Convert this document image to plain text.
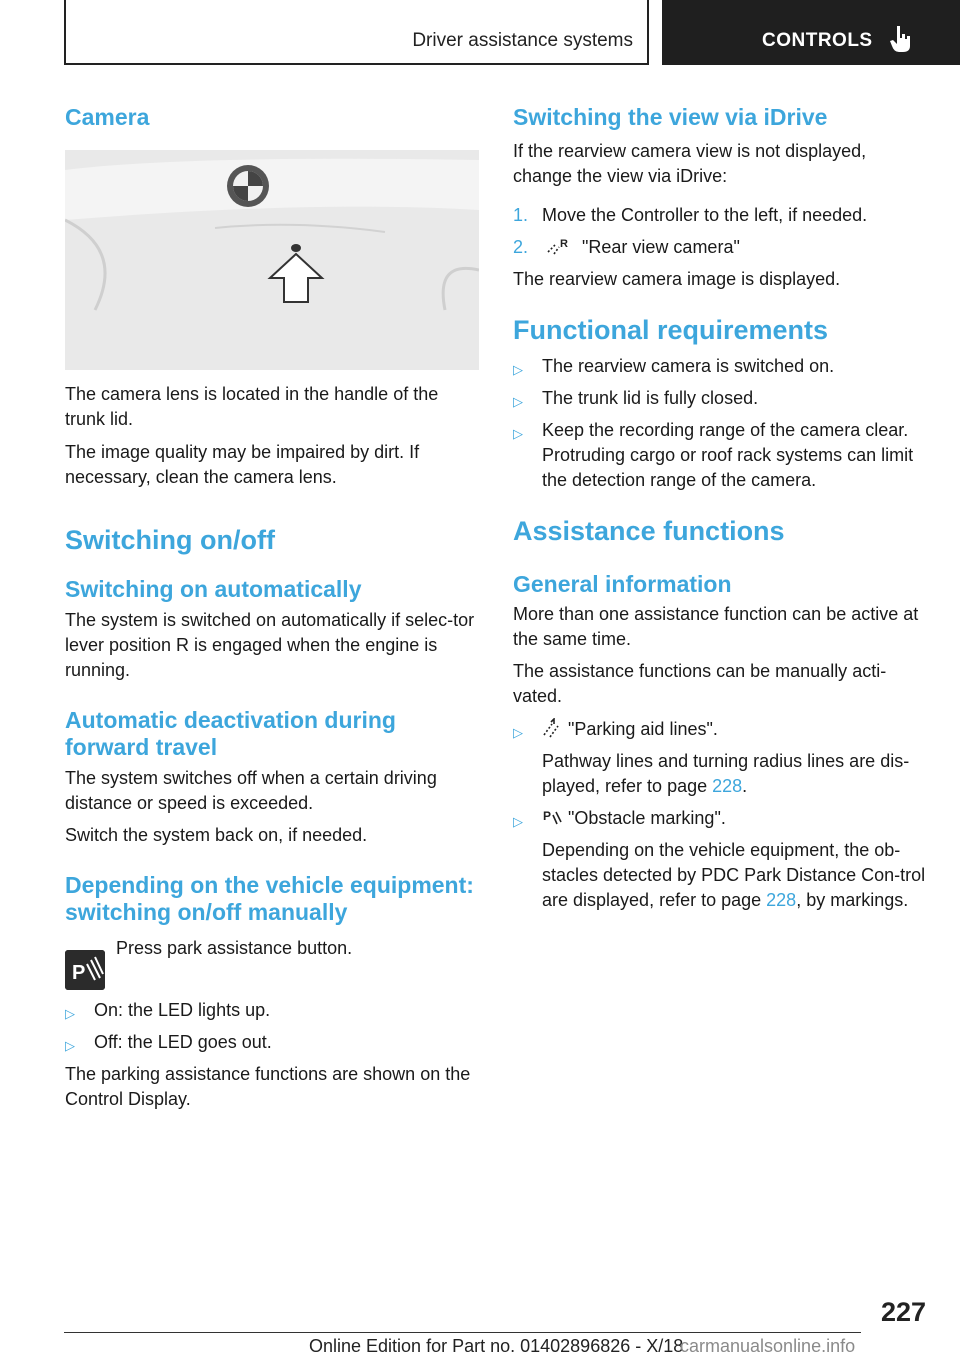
Driver assistance systems	CONTROLS
Camera

The camera lens is located in the handle of the trunk lid.

The image quality may be impaired by dirt. If necessary, clean the camera lens.

Switching on/off
Switching on automatically

The system is switched on automatically if selec-tor lever position R is engaged when the engine is running.

Automatic deactivation during forward travel

The system switches off when a certain driving distance or speed is exceeded.

Switch the system back on, if needed.

Depending on the vehicle equipment: switching on/off manually
P

Press park assistance button.

▷ On: the LED lights up.
▷ Off: the LED goes out.

The parking assistance functions are shown on the Control Display.

Switching the view via iDrive

If the rearview camera view is not displayed, change the view via iDrive:

1. Move the Controller to the left, if needed.
2.	R "Rear view camera"

The rearview camera image is displayed.

Functional requirements
▷ The rearview camera is switched on.
▷ The trunk lid is fully closed.
▷ Keep the recording range of the camera clear. Protruding cargo or roof rack systems can limit the detection range of the camera.
Assistance functions
General information

More than one assistance function can be active at the same time.

The assistance functions can be manually acti-vated.

▷	"Parking aid lines".
Pathway lines and turning radius lines are dis-played, refer to page 228.
▷ P "Obstacle marking".
Depending on the vehicle equipment, the ob-stacles detected by PDC Park Distance Con-trol are displayed, refer to page 228, by markings.
227
Online Edition for Part no. 01402896826 - X/18
carmanualsonline.info
